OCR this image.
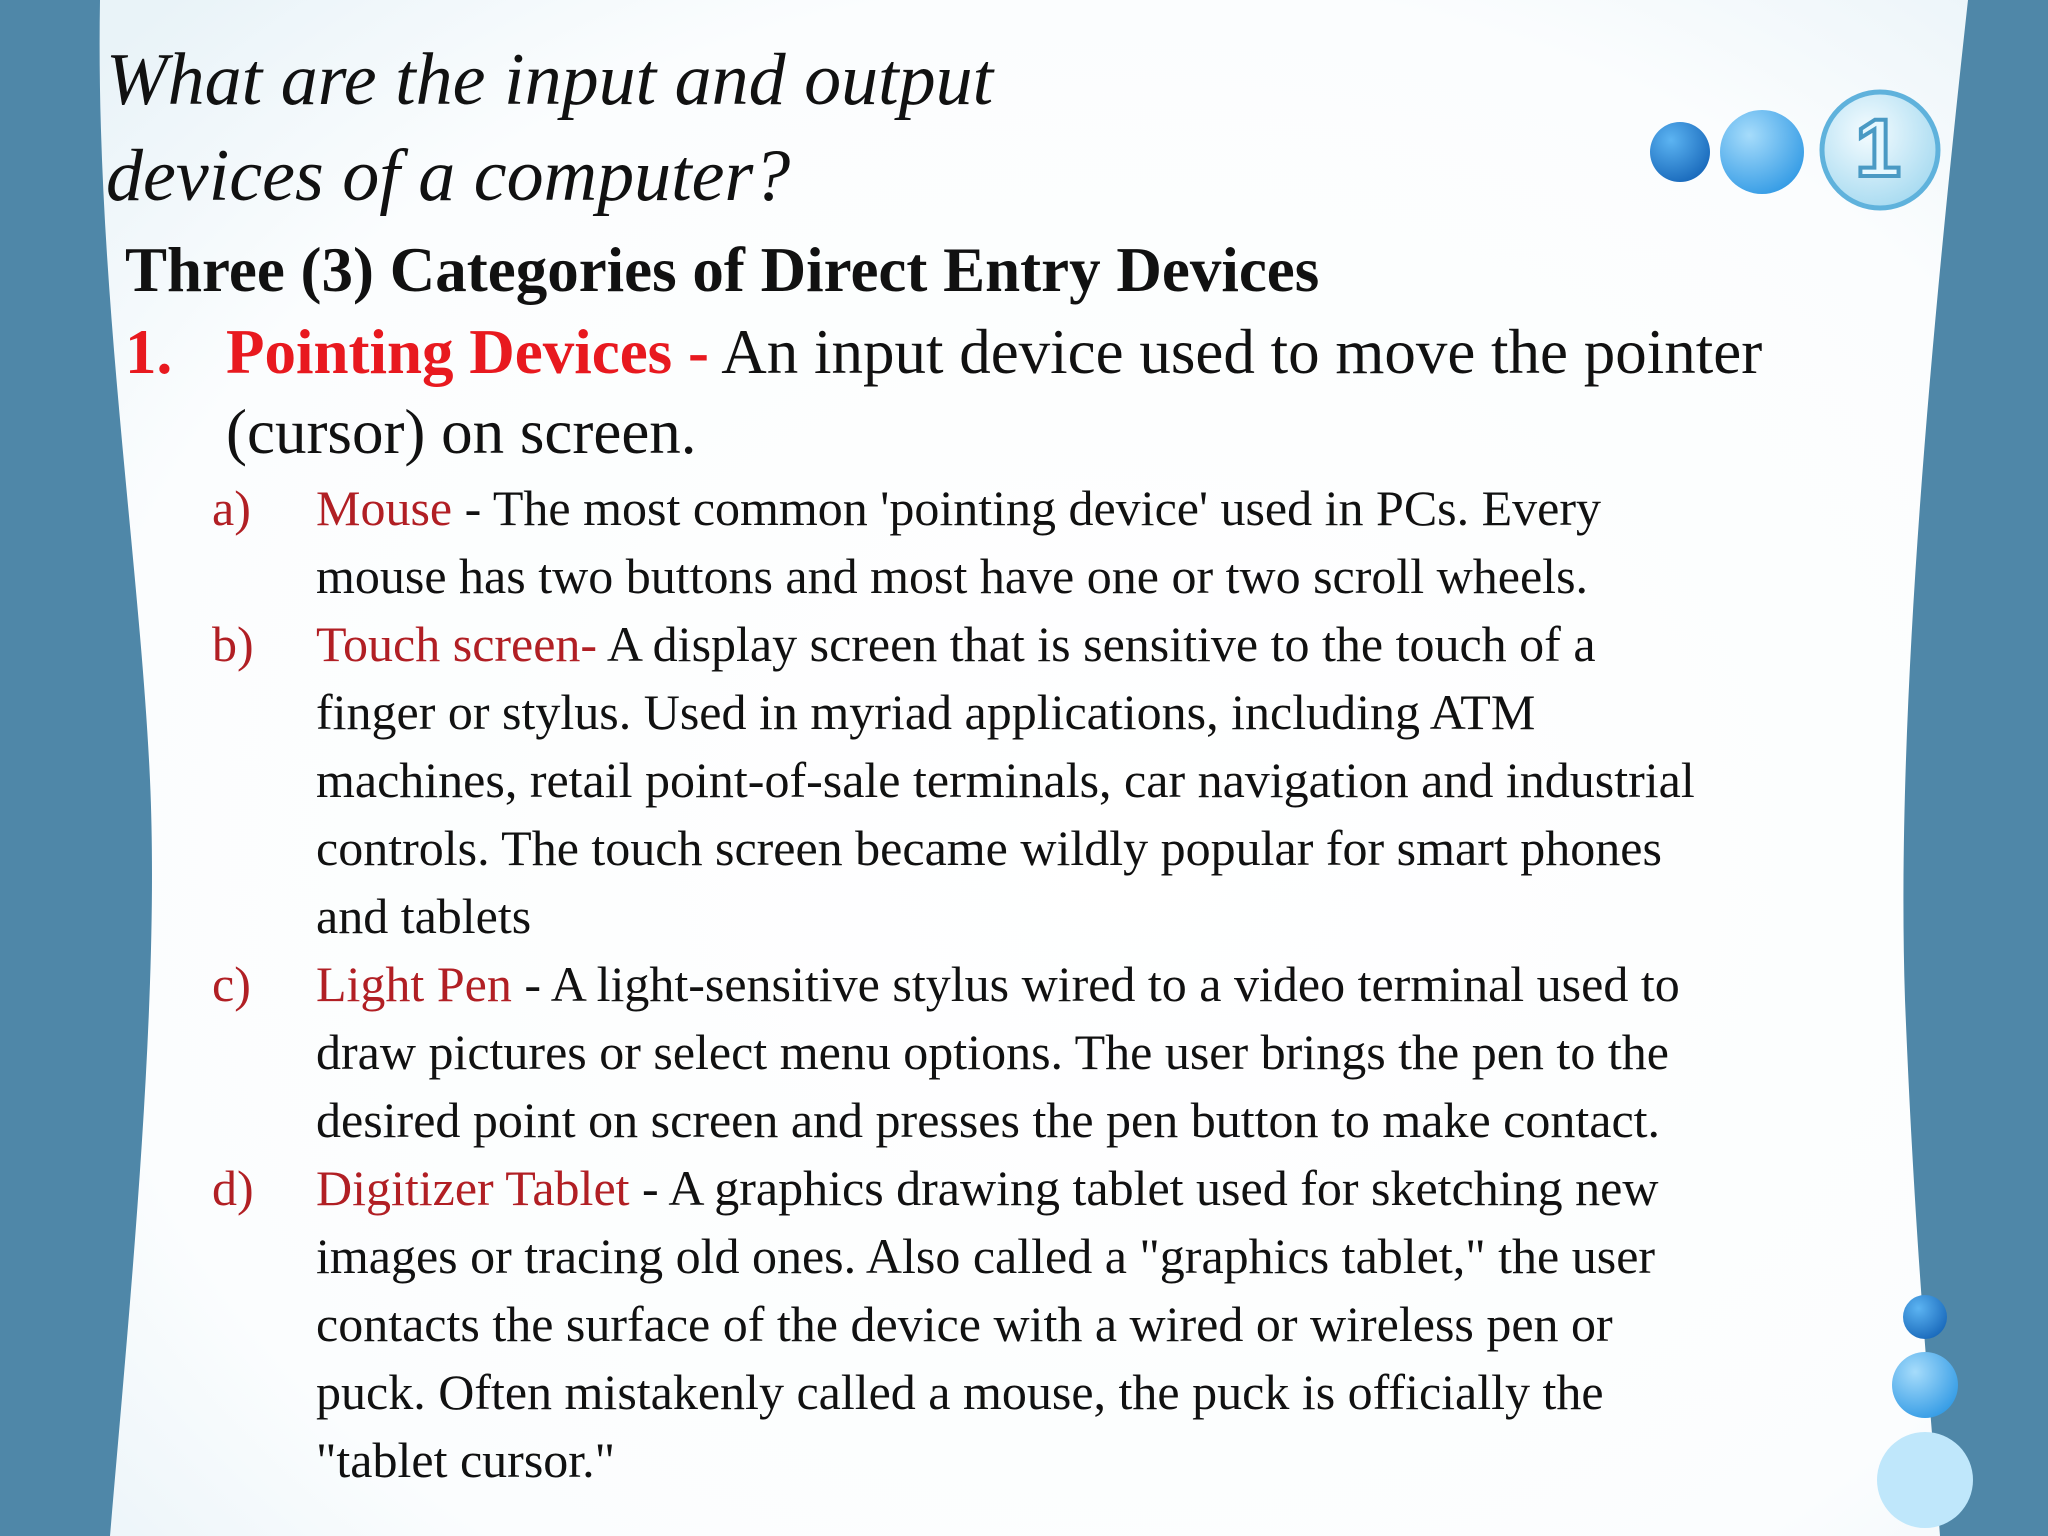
1
What are the input and output
devices of a computer?
Three (3) Categories of Direct Entry Devices
1. Pointing Devices - An input device used to move the pointer
(cursor) on screen.
a) Mouse - The most common 'pointing device' used in PCs. Every
mouse has two buttons and most have one or two scroll wheels.
b) Touch screen- A display screen that is sensitive to the touch of a
finger or stylus. Used in myriad applications, including ATM
machines, retail point-of-sale terminals, car navigation and industrial
controls. The touch screen became wildly popular for smart phones
and tablets
c) Light Pen - A light-sensitive stylus wired to a video terminal used to
draw pictures or select menu options. The user brings the pen to the
desired point on screen and presses the pen button to make contact.
d) Digitizer Tablet - A graphics drawing tablet used for sketching new
images or tracing old ones. Also called a "graphics tablet," the user
contacts the surface of the device with a wired or wireless pen or
puck. Often mistakenly called a mouse, the puck is officially the
"tablet cursor."
